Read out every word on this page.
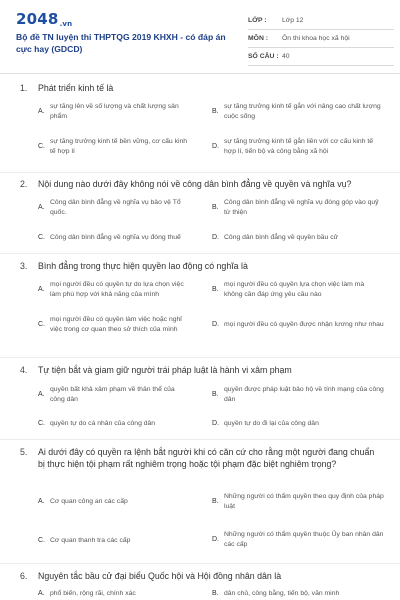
2048.vn
Bộ đề TN luyện thi THPTQG 2019 KHXH - có đáp án cực hay (GDCD)
LỚP :	Lớp 12
MÔN :	Ôn thi khoa học xã hội
SỐ CÂU : 40
1. Phát triển kinh tế là
A.
sự tăng lên về số lượng và chất lượng sản phẩm
B.
sự tăng trưởng kinh tế gắn với nâng cao chất lượng cuộc sống
C.
sự tăng trưởng kinh tế bền vững, cơ cấu kinh tế hợp lí
D.
sự tăng trưởng kinh tế gắn liền với cơ cấu kinh tế hợp lí, tiến bộ và công bằng xã hội
2. Nội dung nào dưới đây không nói về công dân bình đẳng về quyền và nghĩa vụ?
A.
Công dân bình đẳng về nghĩa vụ bảo vệ Tổ quốc.
B.
Công dân bình đẳng về nghĩa vụ đóng góp vào quỹ từ thiện
C. Công dân bình đẳng về nghĩa vụ đóng thuế	D. Công dân bình đẳng về quyền bầu cử
3. Bình đẳng trong thực hiện quyền lao động có nghĩa là
A.
mọi người đều có quyền tự do lựa chọn việc làm phù hợp với khả năng của mình
B.
mọi người đều có quyền lựa chọn việc làm mà không cần đáp ứng yêu cầu nào
C.
mọi người đều có quyền làm việc hoặc nghỉ việc trong cơ quan theo sở thích của mình
D. mọi người đều có quyền được nhận lương như nhau
4. Tự tiện bắt và giam giữ người trái pháp luật là hành vi xâm phạm
A.
quyền bất khả xâm phạm về thân thể của công dân
B.
quyền được pháp luật bảo hộ về tính mạng của công dân
C. quyền tự do cá nhân của công dân	D. quyền tự do đi lại của công dân
5. Ai dưới đây có quyền ra lệnh bắt người khi có căn cứ cho rằng một người đang chuẩn bị thực hiện tội phạm rất nghiêm trọng hoặc tội phạm đặc biệt nghiêm trọng?
A. Cơ quan công an các cấp	B.
Những người có thẩm quyền theo quy định của pháp luật
C. Cơ quan thanh tra các cấp	D.
Những người có thẩm quyền thuộc Ủy ban nhân dân các cấp
6. Nguyên tắc bầu cử đại biểu Quốc hội và Hội đồng nhân dân là
A. phổ biến, rộng rãi, chính xác	B. dân chủ, công bằng, tiến bộ, văn minh
